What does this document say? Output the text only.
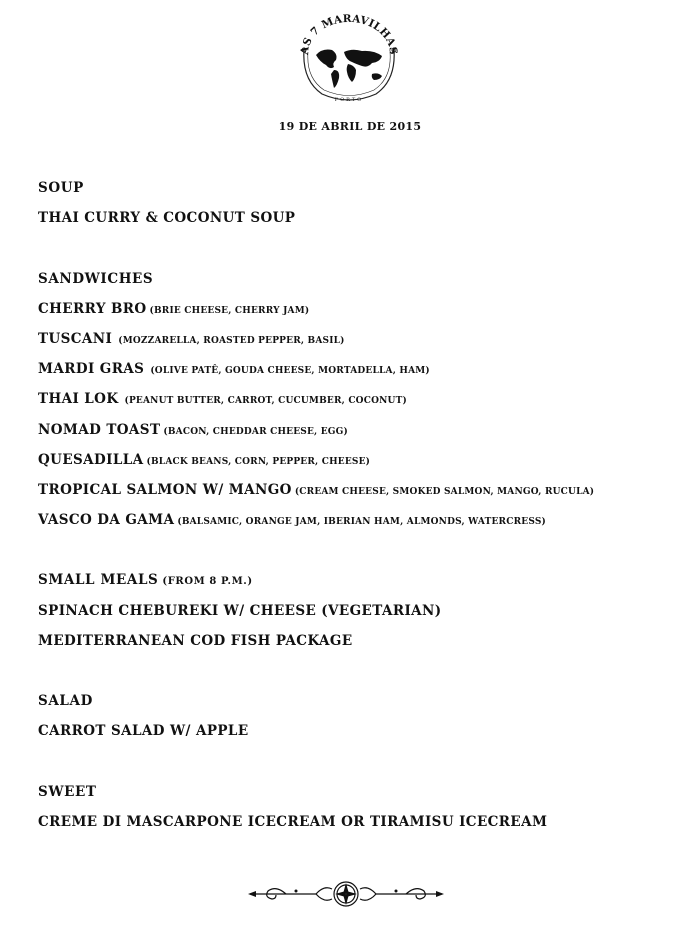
AS 7 MARAVILHAS
PORTO
19 DE ABRIL DE 2015
SOUP
THAI CURRY & COCONUT SOUP
SANDWICHES
CHERRY BRO (BRIE CHEESE, CHERRY JAM)
TUSCANI (MOZZARELLA, ROASTED PEPPER, BASIL)
MARDI GRAS (OLIVE PATÊ, GOUDA CHEESE, MORTADELLA, HAM)
THAI LOK (PEANUT BUTTER, CARROT, CUCUMBER, COCONUT)
NOMAD TOAST (BACON, CHEDDAR CHEESE, EGG)
QUESADILLA (BLACK BEANS, CORN, PEPPER, CHEESE)
TROPICAL SALMON W/ MANGO (CREAM CHEESE, SMOKED SALMON, MANGO, RUCULA)
VASCO DA GAMA (BALSAMIC, ORANGE JAM, IBERIAN HAM, ALMONDS, WATERCRESS)
SMALL MEALS (FROM 8 P.M.)
SPINACH CHEBUREKI W/ CHEESE (VEGETARIAN)
MEDITERRANEAN COD FISH PACKAGE
SALAD
CARROT SALAD W/ APPLE
SWEET
CREME DI MASCARPONE ICECREAM OR TIRAMISU ICECREAM
